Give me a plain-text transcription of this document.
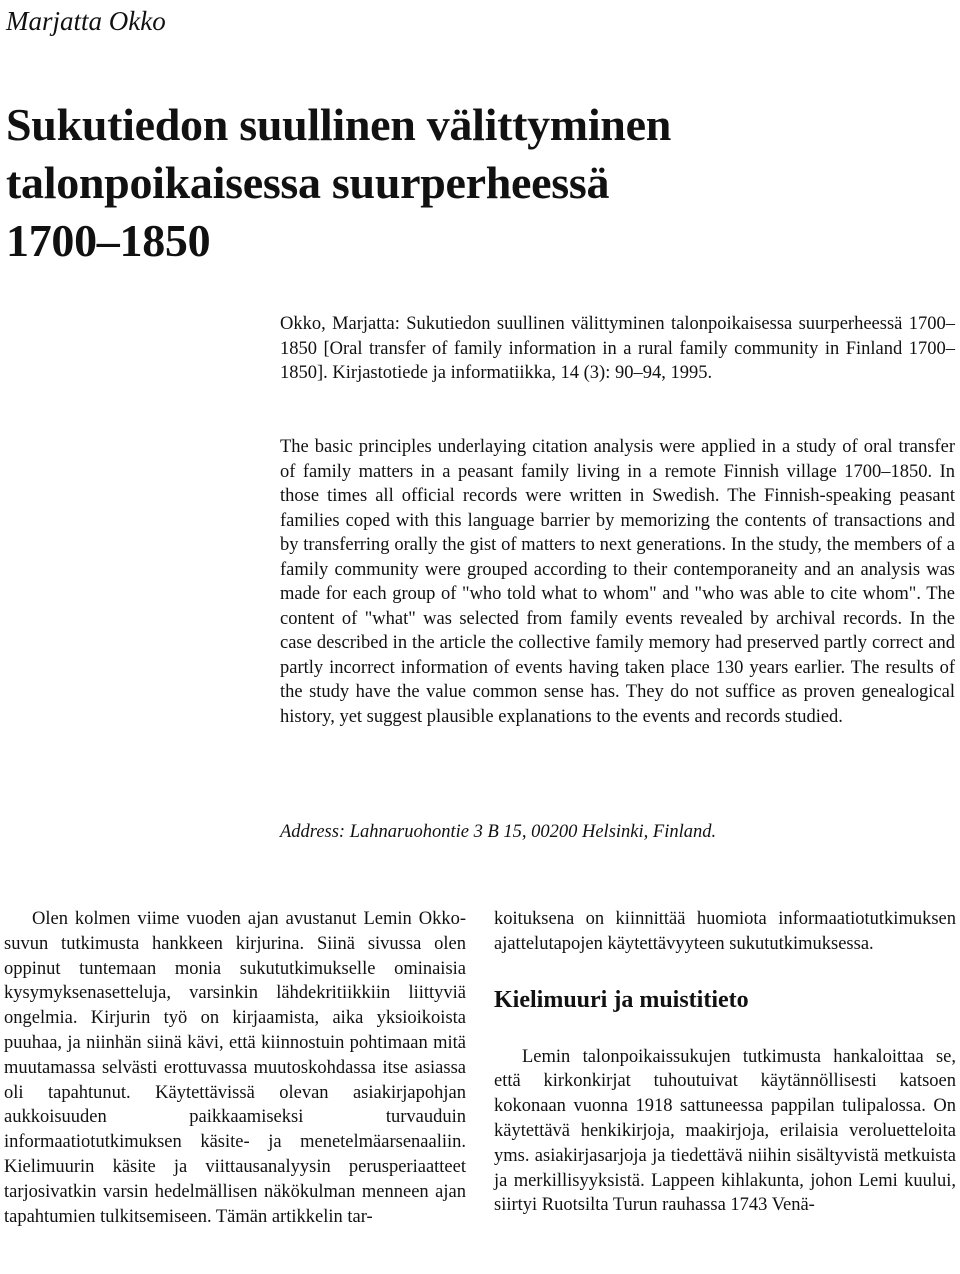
Marjatta Okko

Sukutiedon suullinen välittyminen
talonpoikaisessa suurperheessä
1700–1850

Okko, Marjatta: Sukutiedon suullinen välittyminen talonpoikaisessa suurperheessä 1700–1850 [Oral transfer of family information in a rural family community in Finland 1700–1850]. Kirjastotiede ja informatiikka, 14 (3): 90–94, 1995.

The basic principles underlaying citation analysis were applied in a study of oral transfer of family matters in a peasant family living in a remote Finnish village 1700–1850. In those times all official records were written in Swedish. The Finnish-speaking peasant families coped with this language barrier by memorizing the contents of transactions and by transferring orally the gist of matters to next generations. In the study, the members of a family community were grouped according to their contemporaneity and an analysis was made for each group of "who told what to whom" and "who was able to cite whom". The content of "what" was selected from family events revealed by archival records. In the case described in the article the collective family memory had preserved partly correct and partly incorrect information of events having taken place 130 years earlier. The results of the study have the value common sense has. They do not suffice as proven genealogical history, yet suggest plausible explanations to the events and records studied.

Address: Lahnaruohontie 3 B 15, 00200 Helsinki, Finland.

Olen kolmen viime vuoden ajan avustanut Lemin Okko-suvun tutkimusta hankkeen kirjurina. Siinä sivussa olen oppinut tuntemaan monia sukututkimukselle ominaisia kysymyksenasetteluja, varsinkin lähdekritiikkiin liittyviä ongelmia. Kirjurin työ on kirjaamista, aika yksioikoista puuhaa, ja niinhän siinä kävi, että kiinnostuin pohtimaan mitä muutamassa selvästi erottuvassa muutoskohdassa itse asiassa oli tapahtunut. Käytettävissä olevan asiakirjapohjan aukkoisuuden paikkaamiseksi turvauduin informaatiotutkimuksen käsite- ja menetelmäarsenaaliin. Kielimuurin käsite ja viittausanalyysin perusperiaatteet tarjosivatkin varsin hedelmällisen näkökulman menneen ajan tapahtumien tulkitsemiseen. Tämän artikkelin tar-

koituksena on kiinnittää huomiota informaatiotutkimuksen ajattelutapojen käytettävyyteen sukututkimuksessa.

Kielimuuri ja muistitieto

Lemin talonpoikaissukujen tutkimusta hankaloittaa se, että kirkonkirjat tuhoutuivat käytännöllisesti katsoen kokonaan vuonna 1918 sattuneessa pappilan tulipalossa. On käytettävä henkikirjoja, maakirjoja, erilaisia veroluetteloita yms. asiakirjasarjoja ja tiedettävä niihin sisältyvistä metkuista ja merkillisyyksistä. Lappeen kihlakunta, johon Lemi kuului, siirtyi Ruotsilta Turun rauhassa 1743 Venä-
